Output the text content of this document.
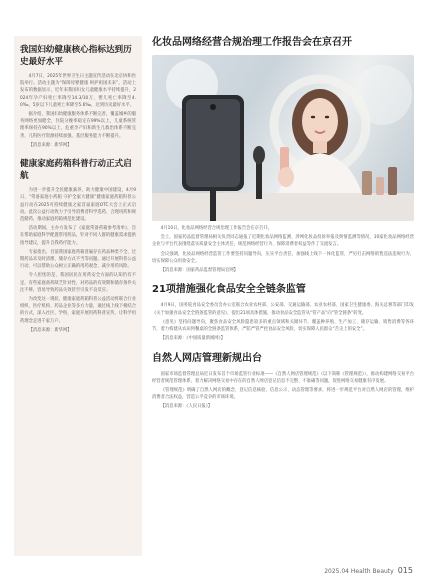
我国妇幼健康核心指标达到历史最好水平
4月7日，2025年世界卫生日主题宣传活动在北京协和医院举行。活动主题为“保障母婴健康 呵护祖国未来”。活动上发布的数据显示，近年来我国妇女儿童健康水平持续提升，2024年孕产妇死亡率降至14.3/10万，婴儿死亡率降至4.0‰，5岁以下儿童死亡率降至5.6‰，达到历史最好水平。
据介绍，我国妇幼健康服务体系不断完善，覆盖城乡的服务网络更加健全，住院分娩率稳定在99%以上，儿童系统管理率保持在90%以上，危重孕产妇和新生儿救治体系不断完善，儿科医疗资源持续加强，基层服务能力不断提升。
【消息来源：新华网】
健康家庭药箱科普行动正式启航
为进一步提升全民健康素养，助力健康中国建设，4月9日，“常备家庭小药箱 守护全家大健康”健康家庭药箱科普公益行动在2025可持续健康之家首届家庭OTC大会上正式启动。此次公益行动致力于引导消费者科学选药、合理用药和规范储药，推动家庭药箱规范化建设。
活动期间，主办方发布了《家庭常备药箱参考清单》，旨在帮助家庭科学配置常用药品，针对不同人群的健康需求提供指导建议，提升自我药疗能力。
专家指出，目前我国家庭药箱普遍存在药品种类不全、过期药品未及时清理、储存方式不当等问题。通过开展科普公益行动，可以帮助公众树立正确的用药观念，减少用药风险。
令人担忧的是，我国居民在用药安全方面的认知仍有不足，有些家庭备药缺乏针对性，对药品的有效期和储存条件关注不够，容易导致药品失效甚至引发不良反应。
为改变这一现状，健康家庭药箱科普公益活动将联合行业组织、医疗机构、药品企业等多方力量，通过线上线下相结合的方式，深入社区、学校、家庭开展用药科普宣传，让科学用药理念走进千家万户。
【消息来源：新华网】
化妆品网络经营合规治理工作报告会在京召开
4月10日，化妆品网络经营合规治理工作报告会在京召开。
会上，国家药品监督管理局相关负责同志通报了近期化妆品网络监测、涉网化妆品投诉举报及舆情监测等情况，10家化妆品网络经营企业与平台代表围绕落实质量安全主体责任、规范网络经营行为、保障消费者权益等作了交流发言。
会议强调，化妆品网络经营监管工作要坚持问题导向，压实平台责任，加强线上线下一体化监管，严厉打击网络销售违法违规行为，切实保障公众用妆安全。
【消息来源：国家药品监督管理局官网】
21项措施强化食品安全全链条监管
4月9日，国务院食品安全委员会办公室联合农业农村部、公安部、交通运输部、农业农村部、国家卫生健康委、海关总署等部门印发《关于加强食品安全全链条监管的意见》，提出21项具体措施，推动食品安全监管从“管产品”向“管全链条”转变。
《意见》坚持问题导向，聚焦食品安全风险隐患较多的重点领域和关键环节，覆盖种养殖、生产加工、储存运输、销售消费等各环节，着力构建从农田到餐桌的全链条监管体系，严防严管严控食品安全风险，切实保障人民群众“舌尖上的安全”。
【消息来源：《中国质量新闻网》】
自然人网店管理新规出台
国家市场监督管理总局近日发布首个市场监管行业标准——《自然人网店管理规范》（以下简称《管理规范》），推动构建网络交易平台经营者规范管理体系，着力解决网络交易中存在的自然人网店登记信息不完整、不准确等问题，促进网络交易健康有序发展。
《管理规范》明确了自然人网店的概念、登记信息核验、信息公示、动态管理等要求，将进一步规范平台对自然人网店的管理，维护消费者合法权益，营造公平竞争的市场环境。
【消息来源：《人民日报》】
2025.04 Health Beauty 015
